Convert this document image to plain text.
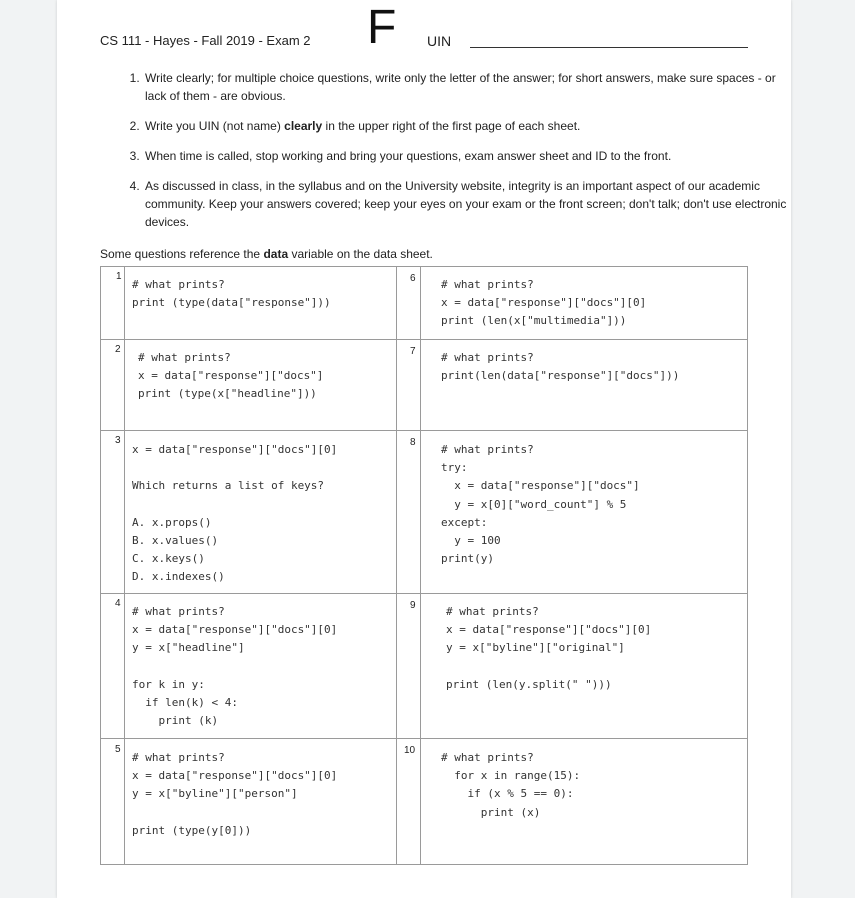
CS 111 - Hayes - Fall 2019 - Exam 2 F UIN
1. Write clearly; for multiple choice questions, write only the letter of the answer; for short answers, make sure spaces - or lack of them - are obvious.
2. Write you UIN (not name) clearly in the upper right of the first page of each sheet.
3. When time is called, stop working and bring your questions, exam answer sheet and ID to the front.
4. As discussed in class, in the syllabus and on the University website, integrity is an important aspect of our academic community. Keep your answers covered; keep your eyes on your exam or the front screen; don't talk; don't use electronic devices.
Some questions reference the data variable on the data sheet.
1
# what prints?
print (type(data["response"]))
6 # what prints?
x = data["response"]["docs"][0]
print (len(x["multimedia"]))
2
# what prints?
x = data["response"]["docs"]
print (type(x["headline"]))
7 # what prints?
print(len(data["response"]["docs"]))
3
x = data["response"]["docs"][0]

Which returns a list of keys?

A. x.props()
B. x.values()
C. x.keys()
D. x.indexes()
8
# what prints?
try:
x = data["response"]["docs"]
y = x[0]["word_count"] % 5
except:
y = 100
print(y)
4
# what prints?
x = data["response"]["docs"][0]
y = x["headline"]

for k in y:
if len(k) < 4:
print (k)
9	# what prints?
x = data["response"]["docs"][0]
y = x["byline"]["original"]

print (len(y.split(" ")))
5
# what prints?
x = data["response"]["docs"][0]
y = x["byline"]["person"]

print (type(y[0]))
10
# what prints?
for x in range(15):
if (x % 5 == 0):
print (x)
